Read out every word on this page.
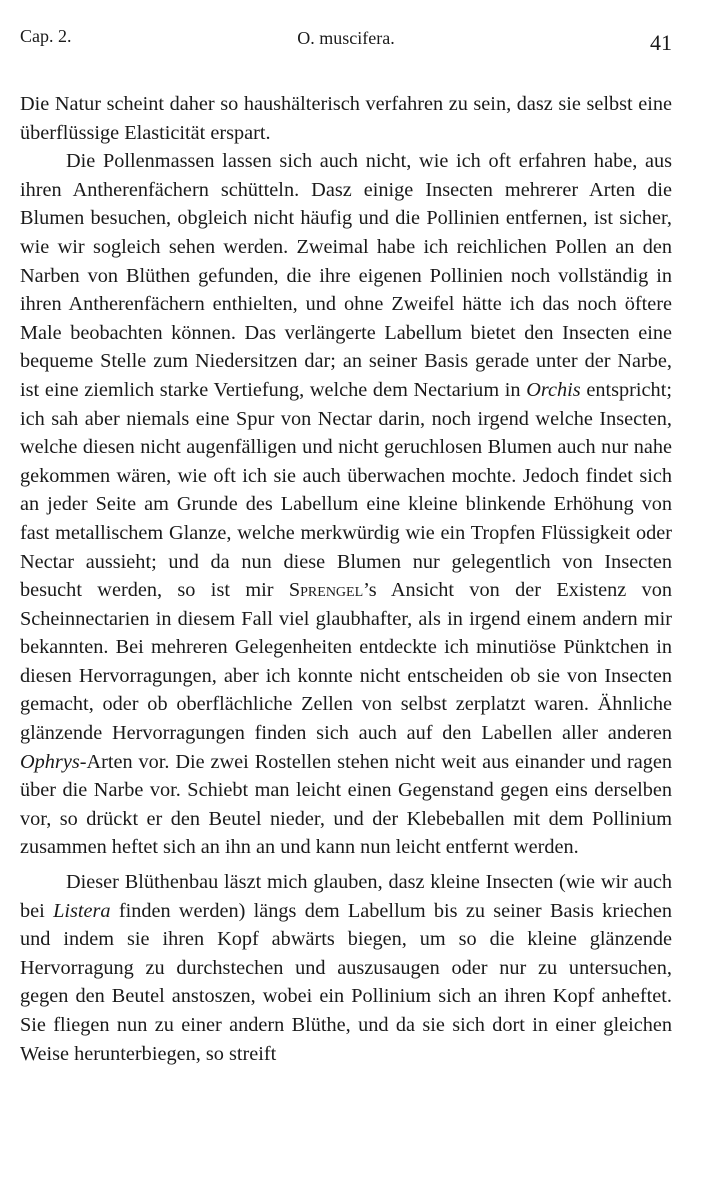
Cap. 2.	O. muscifera.	41

Die Natur scheint daher so haushälterisch verfahren zu sein, dasz sie selbst eine überflüssige Elasticität erspart.

Die Pollenmassen lassen sich auch nicht, wie ich oft erfahren habe, aus ihren Antherenfächern schütteln. Dasz einige Insecten mehrerer Arten die Blumen besuchen, obgleich nicht häufig und die Pollinien entfernen, ist sicher, wie wir sogleich sehen werden. Zweimal habe ich reichlichen Pollen an den Narben von Blüthen gefunden, die ihre eigenen Pollinien noch vollständig in ihren Antherenfächern enthielten, und ohne Zweifel hätte ich das noch öftere Male beobachten können. Das verlängerte Labellum bietet den Insecten eine bequeme Stelle zum Niedersitzen dar; an seiner Basis gerade unter der Narbe, ist eine ziemlich starke Vertiefung, welche dem Nectarium in Orchis entspricht; ich sah aber niemals eine Spur von Nectar darin, noch irgend welche Insecten, welche diesen nicht augenfälligen und nicht geruchlosen Blumen auch nur nahe gekommen wären, wie oft ich sie auch überwachen mochte. Jedoch findet sich an jeder Seite am Grunde des Labellum eine kleine blinkende Erhöhung von fast metallischem Glanze, welche merkwürdig wie ein Tropfen Flüssigkeit oder Nectar aussieht; und da nun diese Blumen nur gelegentlich von Insecten besucht werden, so ist mir Sprengel’s Ansicht von der Existenz von Scheinnectarien in diesem Fall viel glaubhafter, als in irgend einem andern mir bekannten. Bei mehreren Gelegenheiten entdeckte ich minutiöse Pünktchen in diesen Hervorragungen, aber ich konnte nicht entscheiden ob sie von Insecten gemacht, oder ob oberflächliche Zellen von selbst zerplatzt waren. Ähnliche glänzende Hervorragungen finden sich auch auf den Labellen aller anderen Ophrys-Arten vor. Die zwei Rostellen stehen nicht weit aus einander und ragen über die Narbe vor. Schiebt man leicht einen Gegenstand gegen eins derselben vor, so drückt er den Beutel nieder, und der Klebeballen mit dem Pollinium zusammen heftet sich an ihn an und kann nun leicht entfernt werden.

Dieser Blüthenbau läszt mich glauben, dasz kleine Insecten (wie wir auch bei Listera finden werden) längs dem Labellum bis zu seiner Basis kriechen und indem sie ihren Kopf abwärts biegen, um so die kleine glänzende Hervorragung zu durchstechen und auszusaugen oder nur zu untersuchen, gegen den Beutel anstoszen, wobei ein Pollinium sich an ihren Kopf anheftet. Sie fliegen nun zu einer andern Blüthe, und da sie sich dort in einer gleichen Weise herunterbiegen, so streift
